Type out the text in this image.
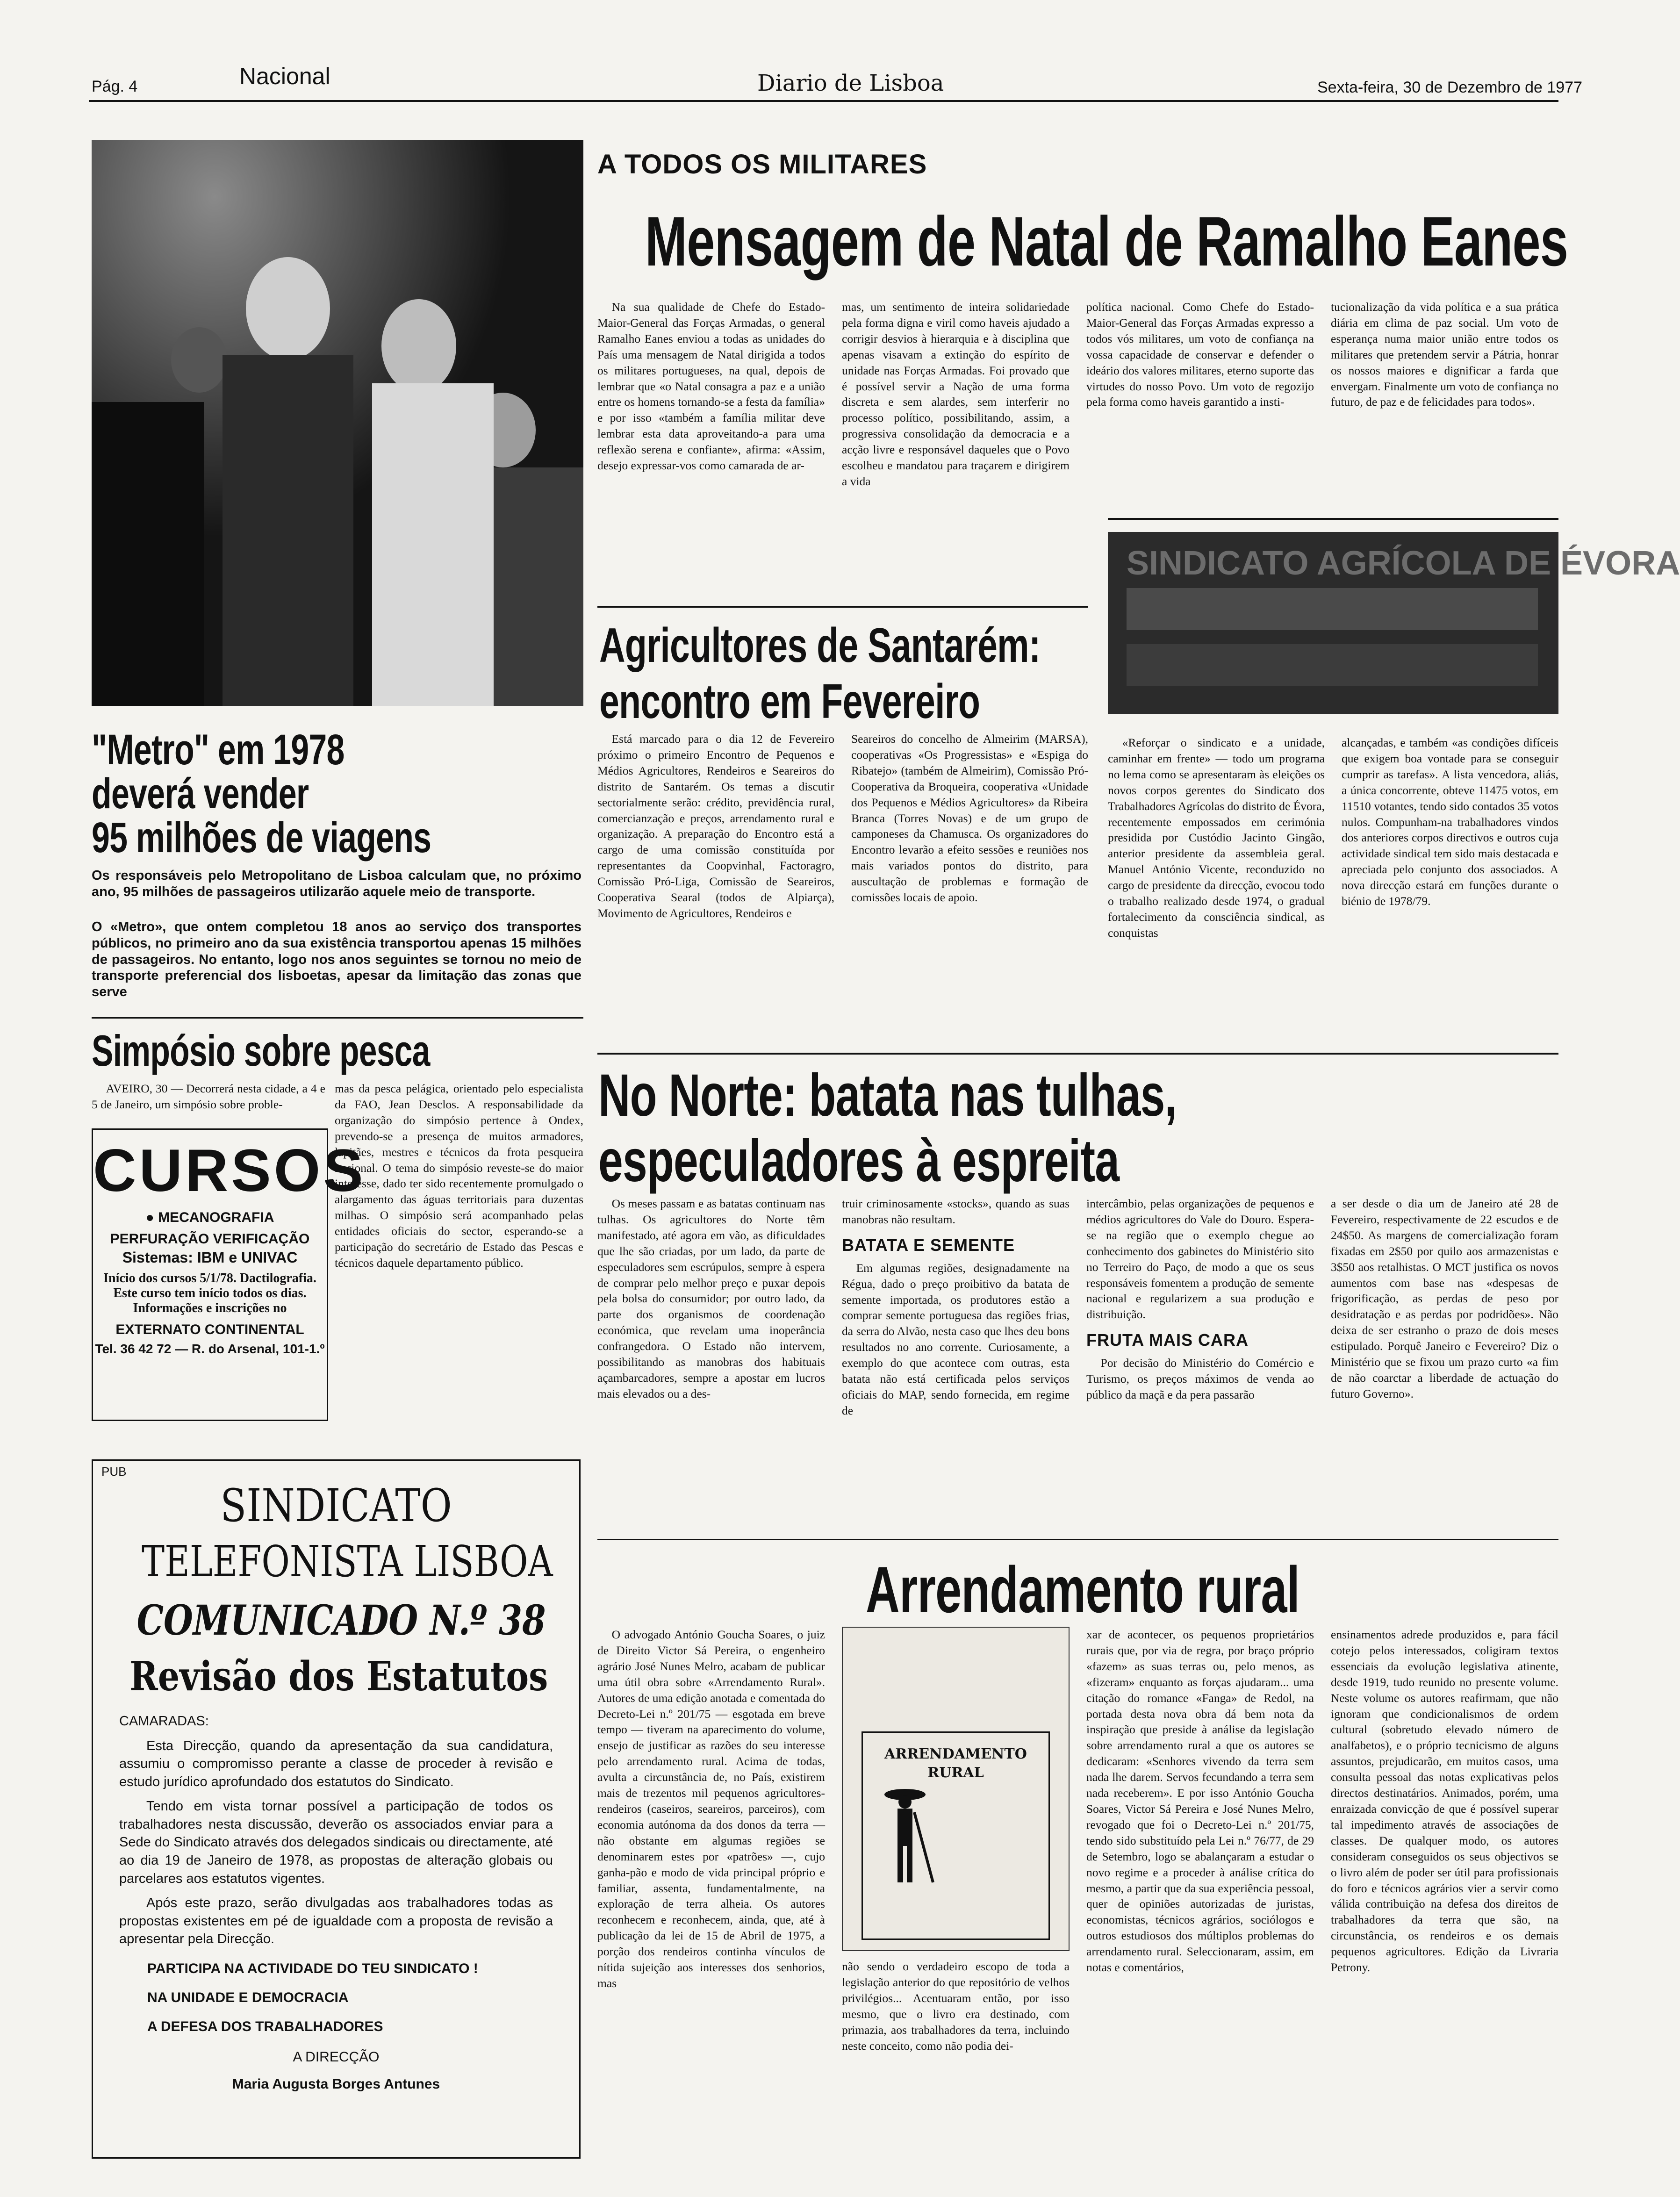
Pág. 4	Nacional	Diario de Lisboa	Sexta-feira, 30 de Dezembro de 1977
A TODOS OS MILITARES
Mensagem de Natal de Ramalho Eanes

Na sua qualidade de Chefe do Estado-Maior-General das Forças Armadas, o general Ramalho Eanes enviou a todas as unidades do País uma mensagem de Natal dirigida a todos os militares portugueses, na qual, depois de lembrar que «o Natal consagra a paz e a união entre os homens tornando-se a festa da família» e por isso «também a família militar deve lembrar esta data aproveitando-a para uma reflexão serena e confiante», afirma: «Assim, desejo expressar-vos como camarada de ar-

mas, um sentimento de inteira solidariedade pela forma digna e viril como haveis ajudado a corrigir desvios à hierarquia e à disciplina que apenas visavam a extinção do espírito de unidade nas Forças Armadas. Foi provado que é possível servir a Nação de uma forma discreta e sem alardes, sem interferir no processo político, possibilitando, assim, a progressiva consolidação da democracia e a acção livre e responsável daqueles que o Povo escolheu e mandatou para traçarem e dirigirem a vida

política nacional. Como Chefe do Estado-Maior-General das Forças Armadas expresso a todos vós militares, um voto de confiança na vossa capacidade de conservar e defender o ideário dos valores militares, eterno suporte das virtudes do nosso Povo. Um voto de regozijo pela forma como haveis garantido a insti-

tucionalização da vida política e a sua prática diária em clima de paz social. Um voto de esperança numa maior união entre todos os militares que pretendem servir a Pátria, honrar os nossos maiores e dignificar a farda que envergam. Finalmente um voto de confiança no futuro, de paz e de felicidades para todos».

SINDICATO AGRÍCOLA DE ÉVORA
Agricultores de Santarém:
encontro em Fevereiro

Está marcado para o dia 12 de Fevereiro próximo o primeiro Encontro de Pequenos e Médios Agricultores, Rendeiros e Seareiros do distrito de Santarém. Os temas a discutir sectorialmente serão: crédito, previdência rural, comercianzação e preços, arrendamento rural e organização. A preparação do Encontro está a cargo de uma comissão constituída por representantes da Coopvinhal, Factoragro, Comissão Pró-Liga, Comissão de Seareiros, Cooperativa Searal (todos de Alpiarça), Movimento de Agricultores, Rendeiros e

Seareiros do concelho de Almeirim (MARSA), cooperativas «Os Progressistas» e «Espiga do Ribatejo» (também de Almeirim), Comissão Pró-Cooperativa da Broqueira, cooperativa «Unidade dos Pequenos e Médios Agricultores» da Ribeira Branca (Torres Novas) e de um grupo de camponeses da Chamusca. Os organizadores do Encontro levarão a efeito sessões e reuniões nos mais variados pontos do distrito, para auscultação de problemas e formação de comissões locais de apoio.

«Reforçar o sindicato e a unidade, caminhar em frente» — todo um programa no lema como se apresentaram às eleições os novos corpos gerentes do Sindicato dos Trabalhadores Agrícolas do distrito de Évora, recentemente empossados em cerimónia presidida por Custódio Jacinto Gingão, anterior presidente da assembleia geral. Manuel António Vicente, reconduzido no cargo de presidente da direcção, evocou todo o trabalho realizado desde 1974, o gradual fortalecimento da consciência sindical, as conquistas

alcançadas, e também «as condições difíceis que exigem boa vontade para se conseguir cumprir as tarefas». A lista vencedora, aliás, a única concorrente, obteve 11475 votos, em 11510 votantes, tendo sido contados 35 votos nulos. Compunham-na trabalhadores vindos dos anteriores corpos directivos e outros cuja actividade sindical tem sido mais destacada e apreciada pelo conjunto dos associados. A nova direcção estará em funções durante o biénio de 1978/79.

"Metro" em 1978
deverá vender
95 milhões de viagens
Os responsáveis pelo Metropolitano de Lisboa calculam que, no próximo ano, 95 milhões de passageiros utilizarão aquele meio de transporte.
O «Metro», que ontem completou 18 anos ao serviço dos transportes públicos, no primeiro ano da sua existência transportou apenas 15 milhões de passageiros. No entanto, logo nos anos seguintes se tornou no meio de transporte preferencial dos lisboetas, apesar da limitação das zonas que serve
Simpósio sobre pesca

AVEIRO, 30 — Decorrerá nesta cidade, a 4 e 5 de Janeiro, um simpósio sobre proble-

mas da pesca pelágica, orientado pelo especialista da FAO, Jean Desclos. A responsabilidade da organização do simpósio pertence à Ondex, prevendo-se a presença de muitos armadores, lapitães, mestres e técnicos da frota pesqueira nacional. O tema do simpósio reveste-se do maior interesse, dado ter sido recentemente promulgado o alargamento das águas territoriais para duzentas milhas. O simpósio será acompanhado pelas entidades oficiais do sector, esperando-se a participação do secretário de Estado das Pescas e técnicos daquele departamento público.

CURSOS
● MECANOGRAFIA
PERFURAÇÃO VERIFICAÇÃO
Sistemas: IBM e UNIVAC
Início dos cursos 5/1/78. Dactilografia. Este curso tem início todos os dias. Informações e inscrições no
EXTERNATO CONTINENTAL
Tel. 36 42 72 — R. do Arsenal, 101-1.º
PUB
SINDICATO
TELEFONISTA LISBOA
COMUNICADO N.º 38
Revisão dos Estatutos
CAMARADAS:

Esta Direcção, quando da apresentação da sua candidatura, assumiu o compromisso perante a classe de proceder à revisão e estudo jurídico aprofundado dos estatutos do Sindicato.

Tendo em vista tornar possível a participação de todos os trabalhadores nesta discussão, deverão os associados enviar para a Sede do Sindicato através dos delegados sindicais ou directamente, até ao dia 19 de Janeiro de 1978, as propostas de alteração globais ou parcelares aos estatutos vigentes.

Após este prazo, serão divulgadas aos trabalhadores todas as propostas existentes em pé de igualdade com a proposta de revisão a apresentar pela Direcção.

PARTICIPA NA ACTIVIDADE DO TEU SINDICATO !
NA UNIDADE E DEMOCRACIA
A DEFESA DOS TRABALHADORES
A DIRECÇÃO
Maria Augusta Borges Antunes
No Norte: batata nas tulhas,
especuladores à espreita

Os meses passam e as batatas continuam nas tulhas. Os agricultores do Norte têm manifestado, até agora em vão, as dificuldades que lhe são criadas, por um lado, da parte de especuladores sem escrúpulos, sempre à espera de comprar pelo melhor preço e puxar depois pela bolsa do consumidor; por outro lado, da parte dos organismos de coordenação económica, que revelam uma inoperância confrangedora. O Estado não intervem, possibilitando as manobras dos habituais açambarcadores, sempre a apostar em lucros mais elevados ou a des-

truir criminosamente «stocks», quando as suas manobras não resultam.

BATATA E SEMENTE

Em algumas regiões, designadamente na Régua, dado o preço proibitivo da batata de semente importada, os produtores estão a comprar semente portuguesa das regiões frias, da serra do Alvão, nesta caso que lhes deu bons resultados no ano corrente. Curiosamente, a exemplo do que acontece com outras, esta batata não está certificada pelos serviços oficiais do MAP, sendo fornecida, em regime de

intercâmbio, pelas organizações de pequenos e médios agricultores do Vale do Douro. Espera-se na região que o exemplo chegue ao conhecimento dos gabinetes do Ministério sito no Terreiro do Paço, de modo a que os seus responsáveis fomentem a produção de semente nacional e regularizem a sua produção e distribuição.

FRUTA MAIS CARA

Por decisão do Ministério do Comércio e Turismo, os preços máximos de venda ao público da maçã e da pera passarão

a ser desde o dia um de Janeiro até 28 de Fevereiro, respectivamente de 22 escudos e de 24$50. As margens de comercialização foram fixadas em 2$50 por quilo aos armazenistas e 3$50 aos retalhistas. O MCT justifica os novos aumentos com base nas «despesas de frigorificação, as perdas de peso por desidratação e as perdas por podridões». Não deixa de ser estranho o prazo de dois meses estipulado. Porquê Janeiro e Fevereiro? Diz o Ministério que se fixou um prazo curto «a fim de não coarctar a liberdade de actuação do futuro Governo».

Arrendamento rural

O advogado António Goucha Soares, o juiz de Direito Victor Sá Pereira, o engenheiro agrário José Nunes Melro, acabam de publicar uma útil obra sobre «Arrendamento Rural». Autores de uma edição anotada e comentada do Decreto-Lei n.º 201/75 — esgotada em breve tempo — tiveram na aparecimento do volume, ensejo de justificar as razões do seu interesse pelo arrendamento rural. Acima de todas, avulta a circunstância de, no País, existirem mais de trezentos mil pequenos agricultores-rendeiros (caseiros, seareiros, parceiros), com economia autónoma da dos donos da terra — não obstante em algumas regiões se denominarem estes por «patrões» —, cujo ganha-pão e modo de vida principal próprio e familiar, assenta, fundamentalmente, na exploração de terra alheia. Os autores reconhecem e reconhecem, ainda, que, até à publicação da lei de 15 de Abril de 1975, a porção dos rendeiros continha vínculos de nítida sujeição aos interesses dos senhorios, mas

ARRENDAMENTO RURAL

não sendo o verdadeiro escopo de toda a legislação anterior do que repositório de velhos privilégios... Acentuaram então, por isso mesmo, que o livro era destinado, com primazia, aos trabalhadores da terra, incluindo neste conceito, como não podia dei-

xar de acontecer, os pequenos proprietários rurais que, por via de regra, por braço próprio «fazem» as suas terras ou, pelo menos, as «fizeram» enquanto as forças ajudaram... uma citação do romance «Fanga» de Redol, na portada desta nova obra dá bem nota da inspiração que preside à análise da legislação sobre arrendamento rural a que os autores se dedicaram: «Senhores vivendo da terra sem nada lhe darem. Servos fecundando a terra sem nada receberem». E por isso António Goucha Soares, Victor Sá Pereira e José Nunes Melro, revogado que foi o Decreto-Lei n.º 201/75, tendo sido substituído pela Lei n.º 76/77, de 29 de Setembro, logo se abalançaram a estudar o novo regime e a proceder à análise crítica do mesmo, a partir que da sua experiência pessoal, quer de opiniões autorizadas de juristas, economistas, técnicos agrários, sociólogos e outros estudiosos dos múltiplos problemas do arrendamento rural. Seleccionaram, assim, em notas e comentários,

ensinamentos adrede produzidos e, para fácil cotejo pelos interessados, coligiram textos essenciais da evolução legislativa atinente, desde 1919, tudo reunido no presente volume. Neste volume os autores reafirmam, que não ignoram que condicionalismos de ordem cultural (sobretudo elevado número de analfabetos), e o próprio tecnicismo de alguns assuntos, prejudicarão, em muitos casos, uma consulta pessoal das notas explicativas pelos directos destinatários. Animados, porém, uma enraizada convicção de que é possível superar tal impedimento através de associações de classes. De qualquer modo, os autores consideram conseguidos os seus objectivos se o livro além de poder ser útil para profissionais do foro e técnicos agrários vier a servir como válida contribuição na defesa dos direitos de trabalhadores da terra que são, na circunstância, os rendeiros e os demais pequenos agricultores. Edição da Livraria Petrony.
